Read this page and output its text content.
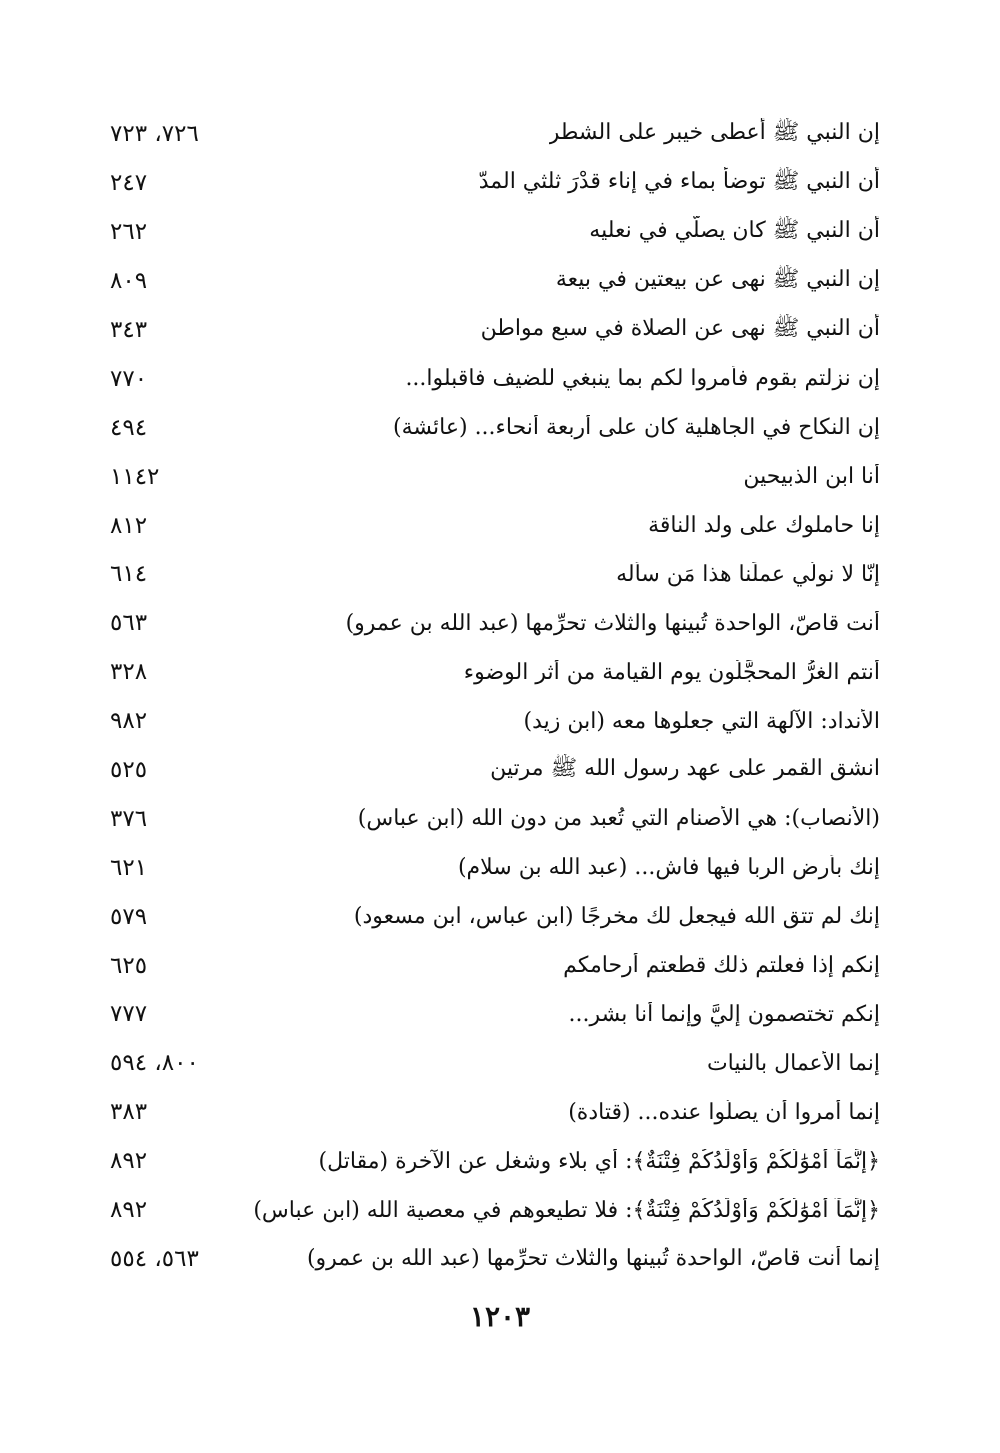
إن النبي ﷺ أعطى خيبر على الشطر
٧٢٦، ٧٢٣
أن النبي ﷺ توضأ بماء في إناء قدْرَ ثلثي المدّ
٢٤٧
أن النبي ﷺ كان يصلّي في نعليه
٢٦٢
إن النبي ﷺ نهى عن بيعتين في بيعة
٨٠٩
أن النبي ﷺ نهى عن الصلاة في سبع مواطن
٣٤٣
إن نزلتم بقوم فأمروا لكم بما ينبغي للضيف فاقبلوا...
٧٧٠
إن النكاح في الجاهلية كان على أربعة أنحاء... (عائشة)
٤٩٤
أنا ابن الذبيحين
١١٤٢
إنا حاملوك على ولد الناقة
٨١٢
إنّا لا نولّي عملَنا هذا مَن سأله
٦١٤
أنت قاصّ، الواحدة تُبينها والثلاث تحرِّمها (عبد الله بن عمرو)
٥٦٣
أنتم الغرُّ المحجَّلُون يوم القيامة من أثر الوضوء
٣٢٨
الأنداد: الآلهة التي جعلوها معه (ابن زيد)
٩٨٢
انشق القمر على عهد رسول الله ﷺ مرتين
٥٢٥
(الأنصاب): هي الأصنام التي تُعبد من دون الله (ابن عباس)
٣٧٦
إنك بأرضٍ الربا فيها فاشٍ... (عبد الله بن سلام)
٦٢١
إنك لم تتق الله فيجعل لك مخرجًا (ابن عباس، ابن مسعود)
٥٧٩
إنكم إذا فعلتم ذلك قطعتم أرحامكم
٦٢٥
إنكم تختصمون إليَّ وإنما أنا بشر...
٧٧٧
إنما الأعمال بالنيات
٨٠٠، ٥٩٤
إنما أمروا أن يصلّوا عنده... (قتادة)
٣٨٣
﴿إِنَّمَآ أَمْوَٰلُكُمْ وَأَوْلَٰدُكُمْ فِتْنَةٌ﴾: أي بلاء وشغل عن الآخرة (مقاتل)
٨٩٢
﴿إِنَّمَآ أَمْوَٰلُكُمْ وَأَوْلَٰدُكُمْ فِتْنَةٌ﴾: فلا تطيعوهم في معصية الله (ابن عباس)
٨٩٢
إنما أنت قاصّ، الواحدة تُبينها والثلاث تحرِّمها (عبد الله بن عمرو)
٥٦٣، ٥٥٤
١٢٠٣
